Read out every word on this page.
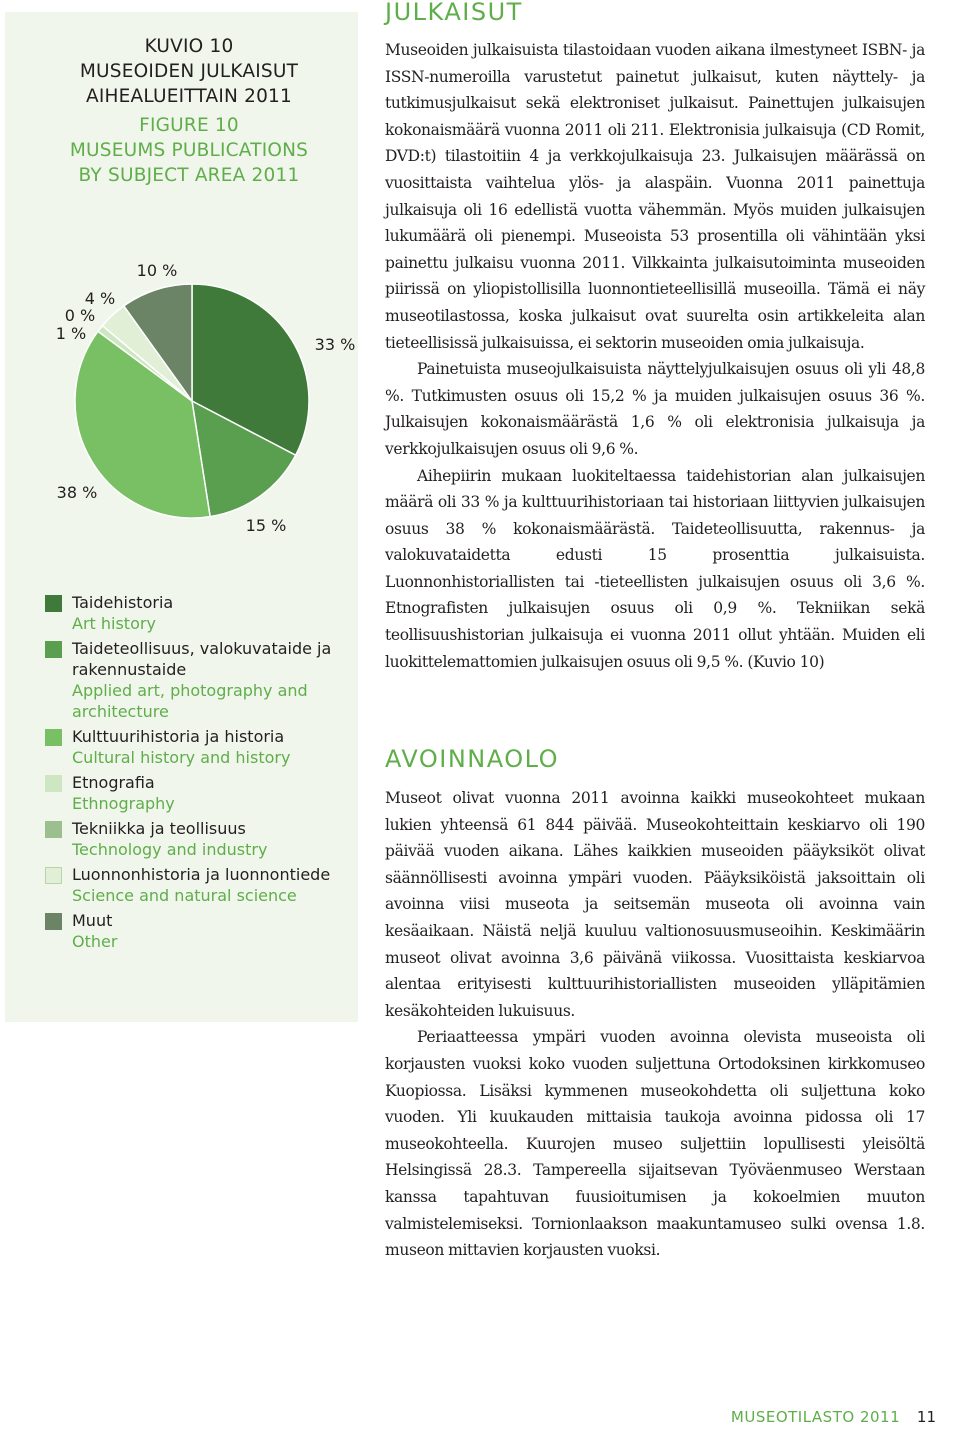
KUVIO 10
MUSEOIDEN JULKAISUT
AIHEALUEITTAIN 2011
FIGURE 10
MUSEUMS PUBLICATIONS
BY SUBJECT AREA 2011
33 %
15 %
38 %
1 %
0 %
4 %
10 %
Taidehistoria
Art history
Taideteollisuus, valokuvataide ja rakennustaide
Applied art, photography and architecture
Kulttuurihistoria ja historia
Cultural history and history
Etnografia
Ethnography
Tekniikka ja teollisuus
Technology and industry
Luonnonhistoria ja luonnontiede
Science and natural science
Muut
Other
JULKAISUT

Museoiden julkaisuista tilastoidaan vuoden aikana ilmestyneet ISBN- ja ISSN-numeroilla varustetut painetut julkaisut, kuten näyttely- ja tutkimusjulkaisut sekä elektroniset julkaisut. Painettujen julkaisujen kokonaismäärä vuonna 2011 oli 211. Elektronisia julkaisuja (CD Romit, DVD:t) tilastoitiin 4 ja verkkojulkaisuja 23. Julkaisujen määrässä on vuosittaista vaihtelua ylös- ja alaspäin. Vuonna 2011 painettuja julkaisuja oli 16 edellistä vuotta vähemmän. Myös muiden julkaisujen lukumäärä oli pienempi. Museoista 53 prosentilla oli vähintään yksi painettu julkaisu vuonna 2011. Vilkkainta julkaisutoiminta museoiden piirissä on yliopistollisilla luonnontieteellisillä museoilla. Tämä ei näy museotilastossa, koska julkaisut ovat suurelta osin artikkeleita alan tieteellisissä julkaisuissa, ei sektorin museoiden omia julkaisuja.

Painetuista museojulkaisuista näyttelyjulkaisujen osuus oli yli 48,8 %. Tutkimusten osuus oli 15,2 % ja muiden julkaisujen osuus 36 %. Julkaisujen kokonaismäärästä 1,6 % oli elektronisia julkaisuja ja verkkojulkaisujen osuus oli 9,6 %.

Aihepiirin mukaan luokiteltaessa taidehistorian alan julkaisujen määrä oli 33 % ja kulttuurihistoriaan tai historiaan liittyvien julkaisujen osuus 38 % kokonaismäärästä. Taideteollisuutta, rakennus- ja valokuvataidetta edusti 15 prosenttia julkaisuista. Luonnonhistoriallisten tai -tieteellisten julkaisujen osuus oli 3,6 %. Etnografisten julkaisujen osuus oli 0,9 %. Tekniikan sekä teollisuushistorian julkaisuja ei vuonna 2011 ollut yhtään. Muiden eli luokittelemattomien julkaisujen osuus oli 9,5 %. (Kuvio 10)

AVOINNAOLO

Museot olivat vuonna 2011 avoinna kaikki museokohteet mukaan lukien yhteensä 61 844 päivää. Museokohteittain keskiarvo oli 190 päivää vuoden aikana. Lähes kaikkien museoiden pääyksiköt olivat säännöllisesti avoinna ympäri vuoden. Pääyksiköistä jaksoittain oli avoinna viisi museota ja seitsemän museota oli avoinna vain kesäaikaan. Näistä neljä kuuluu valtionosuusmuseoihin. Keskimäärin museot olivat avoinna 3,6 päivänä viikossa. Vuosittaista keskiarvoa alentaa erityisesti kulttuurihistoriallisten museoiden ylläpitämien kesäkohteiden lukuisuus.

Periaatteessa ympäri vuoden avoinna olevista museoista oli korjausten vuoksi koko vuoden suljettuna Ortodoksinen kirkkomuseo Kuopiossa. Lisäksi kymmenen museokohdetta oli suljettuna koko vuoden. Yli kuukauden mittaisia taukoja avoinna pidossa oli 17 museokohteella. Kuurojen museo suljettiin lopullisesti yleisöltä Helsingissä 28.3. Tampereella sijaitsevan Työväenmuseo Werstaan kanssa tapahtuvan fuusioitumisen ja kokoelmien muuton valmistelemiseksi. Tornionlaakson maakuntamuseo sulki ovensa 1.8. museon mittavien korjausten vuoksi.

MUSEOTILASTO 2011 11
